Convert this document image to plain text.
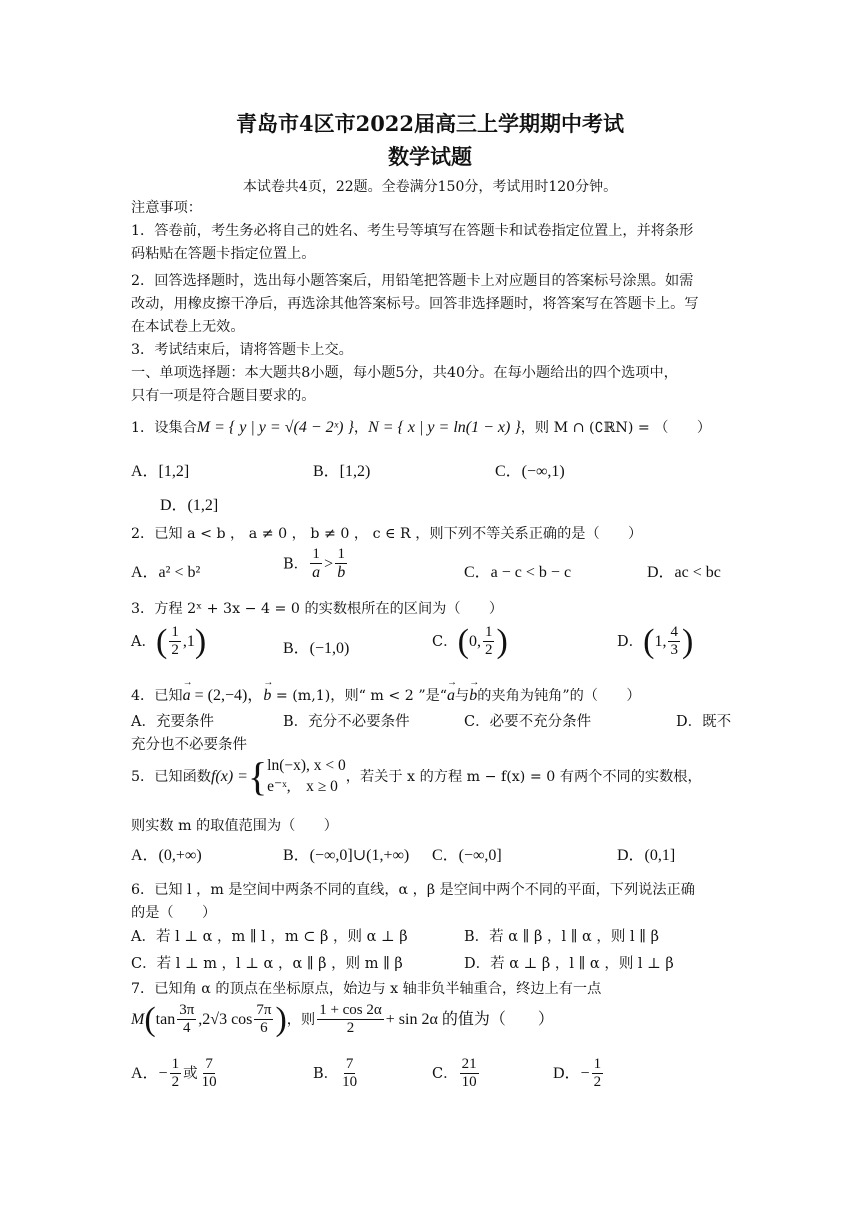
青岛市4区市2022届高三上学期期中考试
数学试题
本试卷共4页，22题。全卷满分150分，考试用时120分钟。
注意事项：
1．答卷前，考生务必将自己的姓名、考生号等填写在答题卡和试卷指定位置上，并将条形
码粘贴在答题卡指定位置上。
2．回答选择题时，选出每小题答案后，用铅笔把答题卡上对应题目的答案标号涂黑。如需
改动，用橡皮擦干净后，再选涂其他答案标号。回答非选择题时，将答案写在答题卡上。写
在本试卷上无效。
3．考试结束后，请将答题卡上交。
一、单项选择题：本大题共8小题，每小题5分，共40分。在每小题给出的四个选项中，
只有一项是符合题目要求的。
1．设集合M = { y | y = √(4 − 2ˣ) }，N = { x | y = ln(1 − x) }，则 M ∩ (∁ℝN) = （　　）
A．[1,2]	B．[1,2)	C．(−∞,1)
D．(1,2]
2．已知 a < b ， a ≠ 0 ， b ≠ 0 ， c ∈ R ，则下列不等关系正确的是（　　）
A．a² < b²	B． $\frac{1}{a} > \frac{1}{b}$	C．a − c < b − c	D．ac < bc
3．方程 2ˣ + 3x − 4 = 0 的实数根所在的区间为（　　）
A．( $\frac{1}{2} ,1$)	B．(−1,0)	C．(0, $\frac{1}{2}$ )	D．(1, $\frac{4}{3}$ )
4．已知→ a = (2,−4)，→ b = (m,1)，则“ m < 2 ”是“→ a与→ b的夹角为钝角”的（　　）
A．充要条件	B．充分不必要条件	C．必要不充分条件	D．既不
充分也不必要条件
5．已知函数f(x) ={ ln(−x), x < 0
e⁻ˣ,　x ≥ 0
，若关于 x 的方程 m − f(x) = 0 有两个不同的实数根，
则实数 m 的取值范围为（　　）
A．(0,+∞)	B．(−∞,0]∪(1,+∞) C．(−∞,0]	D．(0,1]
6．已知 l ，m 是空间中两条不同的直线，α ，β 是空间中两个不同的平面，下列说法正确
的是（　　）
A．若 l ⊥ α ，m ∥ l ，m ⊂ β ，则 α ⊥ β	B．若 α ∥ β ，l ∥ α ，则 l ∥ β
C．若 l ⊥ m ，l ⊥ α ，α ∥ β ，则 m ∥ β	D．若 α ⊥ β ，l ∥ α ，则 l ⊥ β
7．已知角 α 的顶点在坐标原点，始边与 x 轴非负半轴重合，终边上有一点
$M(\tan \frac{3\pi}{4} ,2√3$ $\cos \frac{7\pi}{6}$ )，则 $\frac{1 + \cos 2\alpha}{2} + \sin 2\alpha$ 的值为（　　）
A．− $\frac{1}{2}$ 或 $\frac{7}{10}$	B． $\frac{7}{10}$	C． $\frac{21}{10}$	D．− $\frac{1}{2}$
